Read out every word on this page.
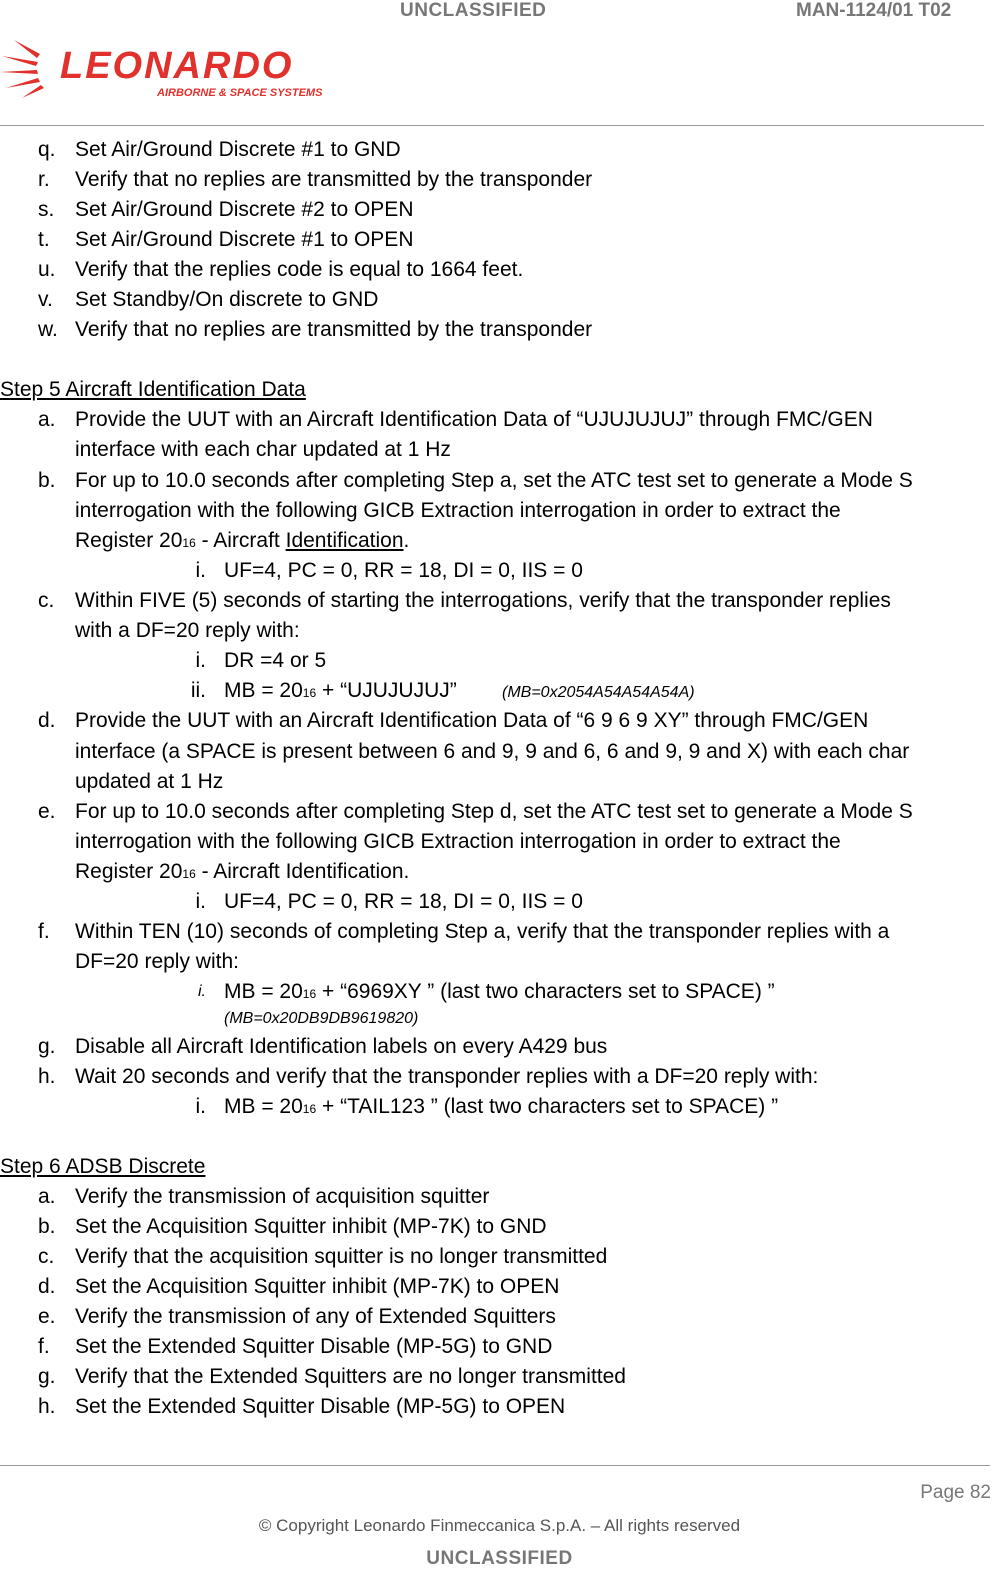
UNCLASSIFIED	MAN-1124/01 T02
LEONARDO
AIRBORNE & SPACE SYSTEMS
q. Set Air/Ground Discrete #1 to GND
r. Verify that no replies are transmitted by the transponder
s. Set Air/Ground Discrete #2 to OPEN
t. Set Air/Ground Discrete #1 to OPEN
u. Verify that the replies code is equal to 1664 feet.
v. Set Standby/On discrete to GND
w. Verify that no replies are transmitted by the transponder
Step 5 Aircraft Identification Data
a. Provide the UUT with an Aircraft Identification Data of “UJUJUJUJ” through FMC/GEN
interface with each char updated at 1 Hz
b. For up to 10.0 seconds after completing Step a, set the ATC test set to generate a Mode S
interrogation with the following GICB Extraction interrogation in order to extract the
Register 2016 - Aircraft Identification.
i. UF=4, PC = 0, RR = 18, DI = 0, IIS = 0
c. Within FIVE (5) seconds of starting the interrogations, verify that the transponder replies
with a DF=20 reply with:
i. DR =4 or 5
ii. MB = 2016 + “UJUJUJUJ”	(MB=0x2054A54A54A54A)
d. Provide the UUT with an Aircraft Identification Data of “6 9 6 9 XY” through FMC/GEN
interface (a SPACE is present between 6 and 9, 9 and 6, 6 and 9, 9 and X) with each char
updated at 1 Hz
e. For up to 10.0 seconds after completing Step d, set the ATC test set to generate a Mode S
interrogation with the following GICB Extraction interrogation in order to extract the
Register 2016 - Aircraft Identification.
i. UF=4, PC = 0, RR = 18, DI = 0, IIS = 0
f. Within TEN (10) seconds of completing Step a, verify that the transponder replies with a
DF=20 reply with:
i. MB = 2016 + “6969XY ” (last two characters set to SPACE) ”
(MB=0x20DB9DB9619820)
g. Disable all Aircraft Identification labels on every A429 bus
h. Wait 20 seconds and verify that the transponder replies with a DF=20 reply with:
i. MB = 2016 + “TAIL123 ” (last two characters set to SPACE) ”
Step 6 ADSB Discrete
a. Verify the transmission of acquisition squitter
b. Set the Acquisition Squitter inhibit (MP-7K) to GND
c. Verify that the acquisition squitter is no longer transmitted
d. Set the Acquisition Squitter inhibit (MP-7K) to OPEN
e. Verify the transmission of any of Extended Squitters
f. Set the Extended Squitter Disable (MP-5G) to GND
g. Verify that the Extended Squitters are no longer transmitted
h. Set the Extended Squitter Disable (MP-5G) to OPEN
Page 82
© Copyright Leonardo Finmeccanica S.p.A. – All rights reserved
UNCLASSIFIED
